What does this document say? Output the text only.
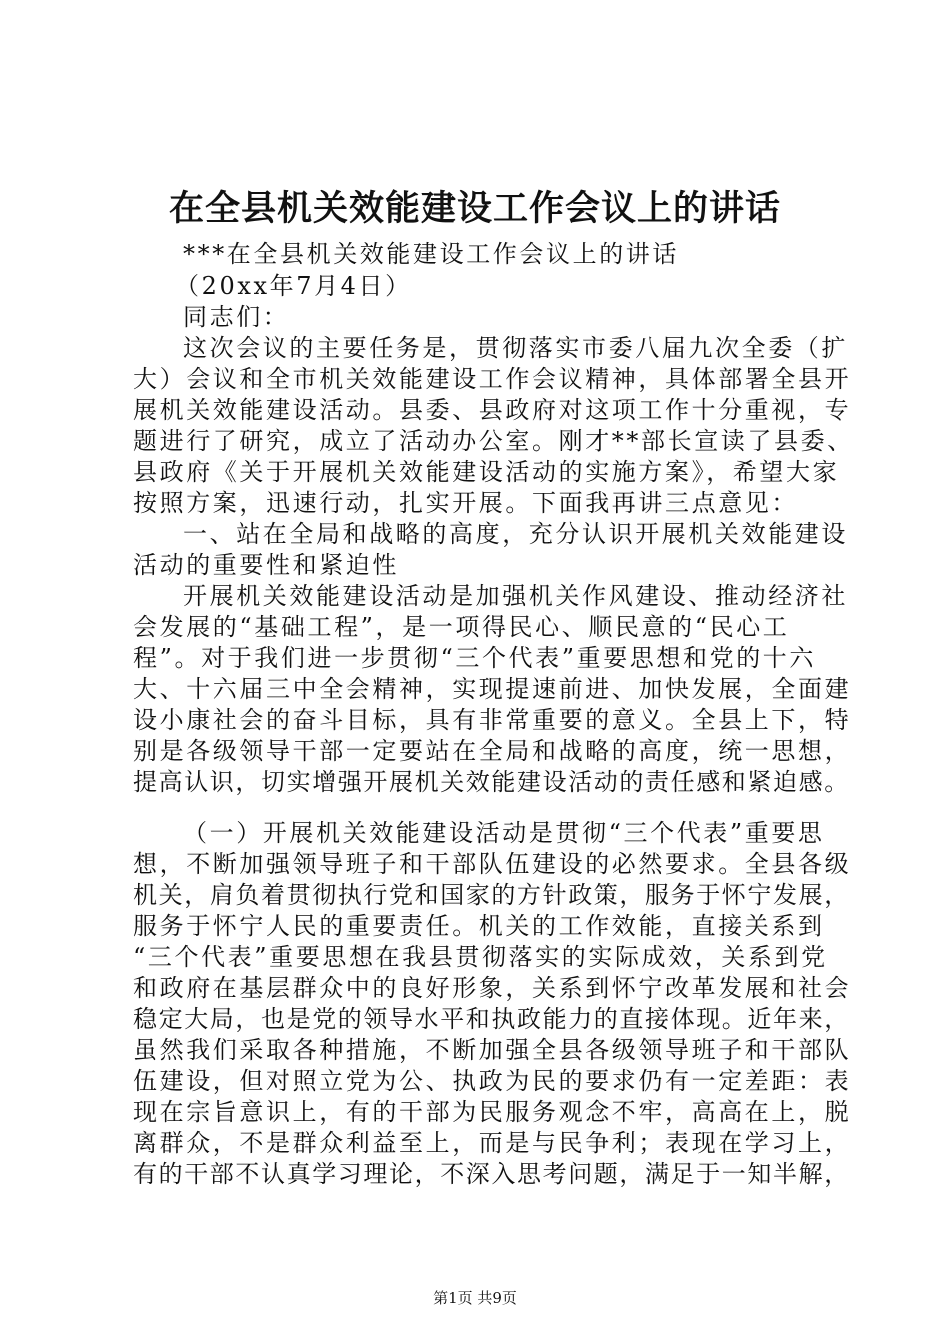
在全县机关效能建设工作会议上的讲话
***在全县机关效能建设工作会议上的讲话
（20xx年7月4日）
同志们：
这次会议的主要任务是，贯彻落实市委八届九次全委（扩
大）会议和全市机关效能建设工作会议精神，具体部署全县开
展机关效能建设活动。县委、县政府对这项工作十分重视，专
题进行了研究，成立了活动办公室。刚才**部长宣读了县委、
县政府《关于开展机关效能建设活动的实施方案》，希望大家
按照方案，迅速行动，扎实开展。下面我再讲三点意见：
一、站在全局和战略的高度，充分认识开展机关效能建设
活动的重要性和紧迫性
开展机关效能建设活动是加强机关作风建设、推动经济社
会发展的“基础工程”，是一项得民心、顺民意的“民心工
程”。对于我们进一步贯彻“三个代表”重要思想和党的十六
大、十六届三中全会精神，实现提速前进、加快发展，全面建
设小康社会的奋斗目标，具有非常重要的意义。全县上下，特
别是各级领导干部一定要站在全局和战略的高度，统一思想，
提高认识，切实增强开展机关效能建设活动的责任感和紧迫感。
（一）开展机关效能建设活动是贯彻“三个代表”重要思
想，不断加强领导班子和干部队伍建设的必然要求。全县各级
机关，肩负着贯彻执行党和国家的方针政策，服务于怀宁发展，
服务于怀宁人民的重要责任。机关的工作效能，直接关系到
“三个代表”重要思想在我县贯彻落实的实际成效，关系到党
和政府在基层群众中的良好形象，关系到怀宁改革发展和社会
稳定大局，也是党的领导水平和执政能力的直接体现。近年来，
虽然我们采取各种措施，不断加强全县各级领导班子和干部队
伍建设，但对照立党为公、执政为民的要求仍有一定差距：表
现在宗旨意识上，有的干部为民服务观念不牢，高高在上，脱
离群众，不是群众利益至上，而是与民争利；表现在学习上，
有的干部不认真学习理论，不深入思考问题，满足于一知半解，
第1页 共9页
